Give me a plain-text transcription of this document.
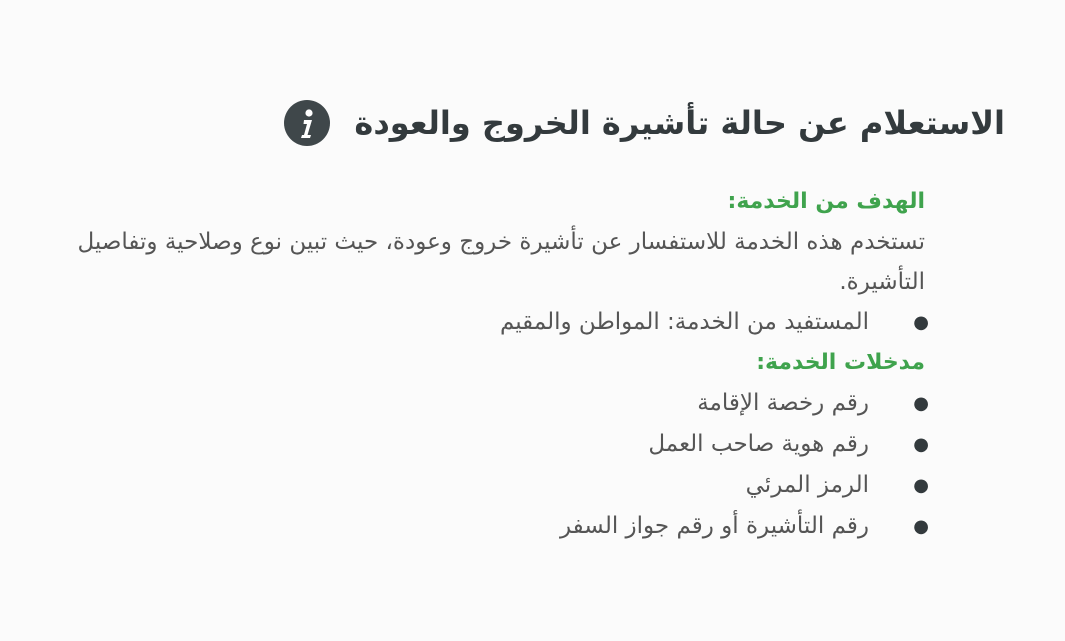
الاستعلام عن حالة تأشيرة الخروج والعودة

الهدف من الخدمة:

تستخدم هذه الخدمة للاستفسار عن تأشيرة خروج وعودة، حيث تبين نوع وصلاحية وتفاصيل التأشيرة.

●
المستفيد من الخدمة: المواطن والمقيم

مدخلات الخدمة:

●
رقم رخصة الإقامة
●
رقم هوية صاحب العمل
●
الرمز المرئي
●
رقم التأشيرة أو رقم جواز السفر
